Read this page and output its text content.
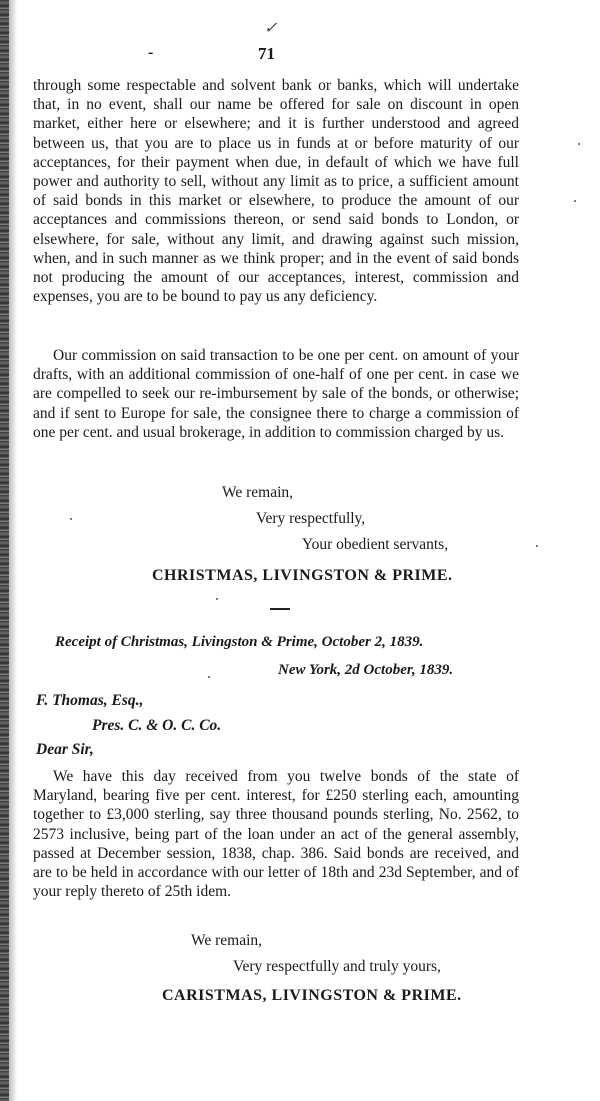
✓
-	71

through some respectable and solvent bank or banks, which will undertake that, in no event, shall our name be offered for sale on discount in open market, either here or elsewhere; and it is further understood and agreed between us, that you are to place us in funds at or before maturity of our acceptances, for their payment when due, in default of which we have full power and authority to sell, without any limit as to price, a sufficient amount of said bonds in this market or elsewhere, to produce the amount of our acceptances and commissions thereon, or send said bonds to London, or elsewhere, for sale, without any limit, and drawing against such mission, when, and in such manner as we think proper; and in the event of said bonds not producing the amount of our acceptances, interest, commission and expenses, you are to be bound to pay us any deficiency.

Our commission on said transaction to be one per cent. on amount of your drafts, with an additional commission of one-half of one per cent. in case we are compelled to seek our re-imbursement by sale of the bonds, or otherwise; and if sent to Europe for sale, the consignee there to charge a commission of one per cent. and usual brokerage, in addition to commission charged by us.

We remain,
Very respectfully,
Your obedient servants,
CHRISTMAS, LIVINGSTON & PRIME.
Receipt of Christmas, Livingston & Prime, October 2, 1839.
New York, 2d October, 1839.
F. Thomas, Esq.,
Pres. C. & O. C. Co.
Dear Sir,

We have this day received from you twelve bonds of the state of Maryland, bearing five per cent. interest, for £250 sterling each, amounting together to £3,000 sterling, say three thousand pounds sterling, No. 2562, to 2573 inclusive, being part of the loan under an act of the general assembly, passed at December session, 1838, chap. 386. Said bonds are received, and are to be held in accordance with our letter of 18th and 23d September, and of your reply thereto of 25th idem.

We remain,
Very respectfully and truly yours,
CARISTMAS, LIVINGSTON & PRIME.
